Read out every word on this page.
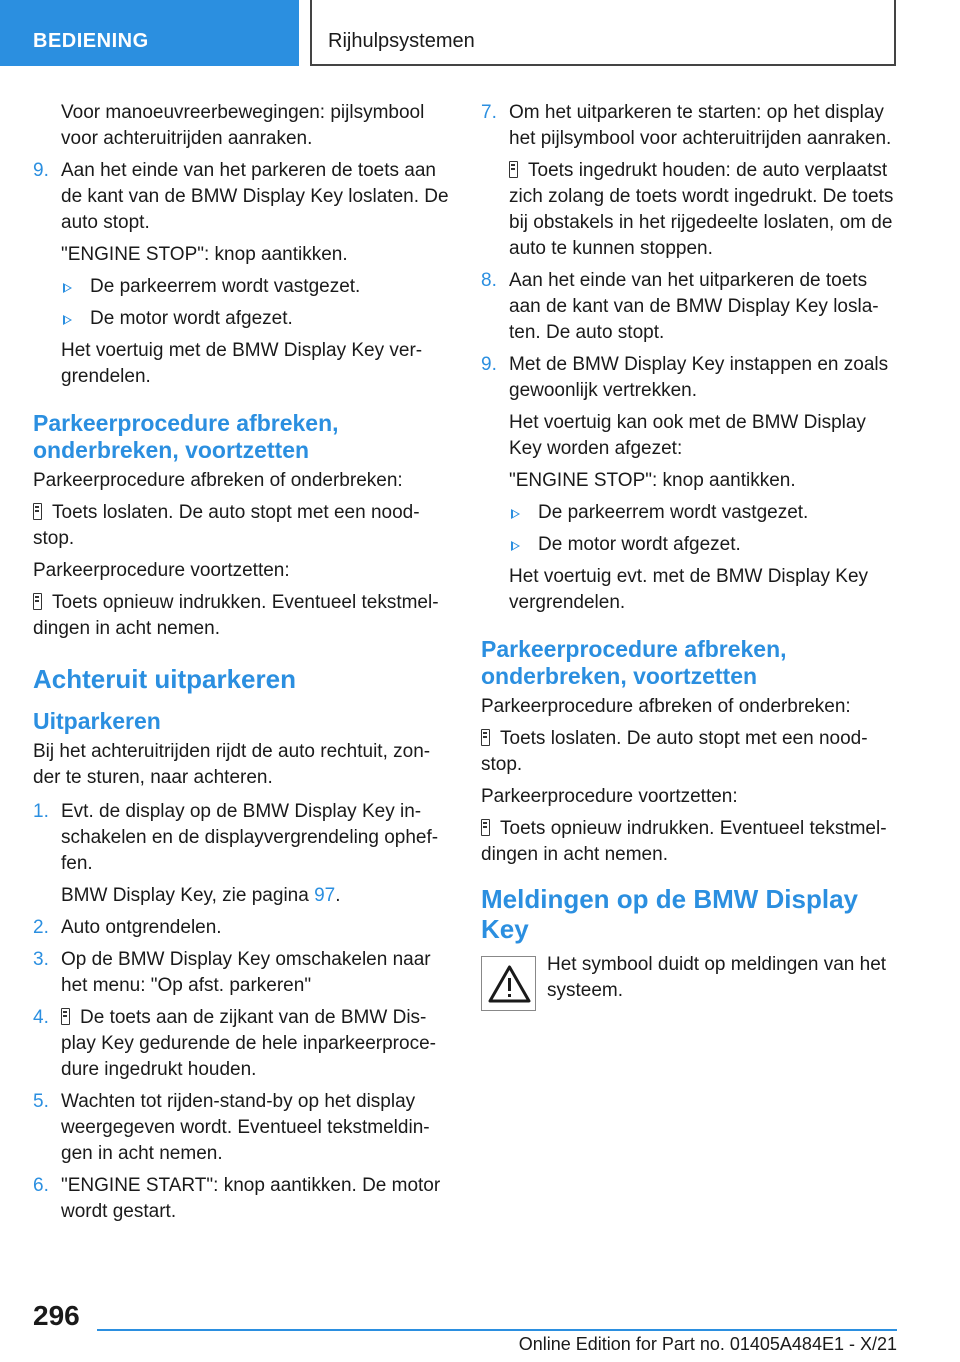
BEDIENING	Rijhulpsystemen

Voor manoeuvreerbewegingen: pijlsymbool voor achteruitrijden aanraken.

9. Aan het einde van het parkeren de toets aan de kant van de BMW Display Key loslaten. De auto stopt.

"ENGINE STOP": knop aantikken.

De parkeerrem wordt vastgezet.
De motor wordt afgezet.

Het voertuig met de BMW Display Key vergrendelen.

Parkeerprocedure afbreken, onderbreken, voortzetten

Parkeerprocedure afbreken of onderbreken:

Toets loslaten. De auto stopt met een noodstop.

Parkeerprocedure voortzetten:

Toets opnieuw indrukken. Eventueel tekstmeldingen in acht nemen.

Achteruit uitparkeren
Uitparkeren

Bij het achteruitrijden rijdt de auto rechtuit, zonder te sturen, naar achteren.

1. Evt. de display op de BMW Display Key inschakelen en de displayvergrendeling opheffen.

BMW Display Key, zie pagina 97.

2. Auto ontgrendelen.
3. Op de BMW Display Key omschakelen naar het menu: "Op afst. parkeren"
4. De toets aan de zijkant van de BMW Display Key gedurende de hele inparkeerprocedure ingedrukt houden.
5. Wachten tot rijden-stand-by op het display weergegeven wordt. Eventueel tekstmeldingen in acht nemen.
6. "ENGINE START": knop aantikken. De motor wordt gestart.
7. Om het uitparkeren te starten: op het display het pijlsymbool voor achteruitrijden aanraken.

Toets ingedrukt houden: de auto verplaatst zich zolang de toets wordt ingedrukt. De toets bij obstakels in het rijgedeelte loslaten, om de auto te kunnen stoppen.

8. Aan het einde van het uitparkeren de toets aan de kant van de BMW Display Key loslaten. De auto stopt.
9. Met de BMW Display Key instappen en zoals gewoonlijk vertrekken.

Het voertuig kan ook met de BMW Display Key worden afgezet:

"ENGINE STOP": knop aantikken.

De parkeerrem wordt vastgezet.
De motor wordt afgezet.

Het voertuig evt. met de BMW Display Key vergrendelen.

Parkeerprocedure afbreken, onderbreken, voortzetten

Parkeerprocedure afbreken of onderbreken:

Toets loslaten. De auto stopt met een noodstop.

Parkeerprocedure voortzetten:

Toets opnieuw indrukken. Eventueel tekstmeldingen in acht nemen.

Meldingen op de BMW Display Key

Het symbool duidt op meldingen van het systeem.

296
Online Edition for Part no. 01405A484E1 - X/21
